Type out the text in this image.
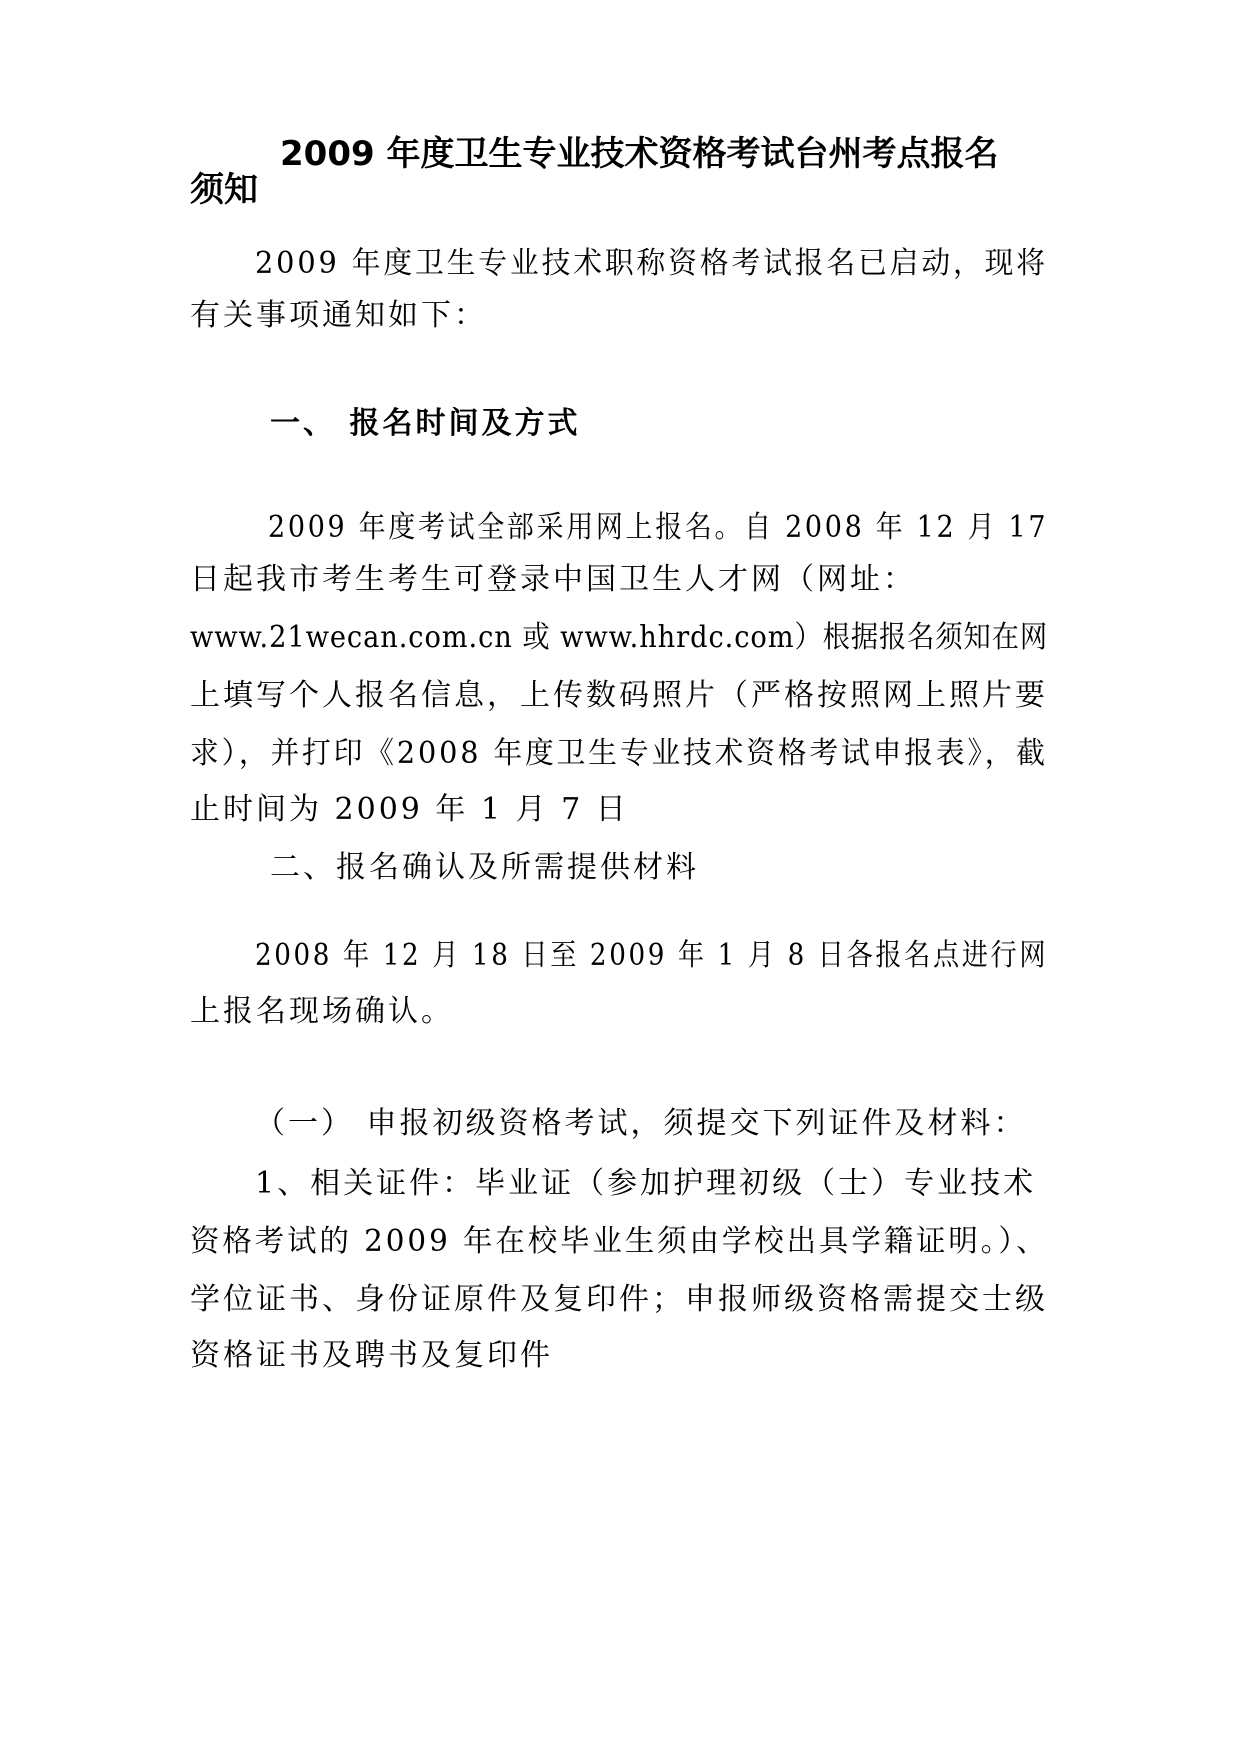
2009 年度卫生专业技术资格考试台州考点报名
须知
2009 年度卫生专业技术职称资格考试报名已启动，现将
有关事项通知如下：
一、 报名时间及方式
2009 年度考试全部采用网上报名。自 2008 年 12 月 17
日起我市考生考生可登录中国卫生人才网（网址：
www.21wecan.com.cn 或 www.hhrdc.com）根据报名须知在网
上填写个人报名信息，上传数码照片（严格按照网上照片要
求），并打印《2008 年度卫生专业技术资格考试申报表》，截
止时间为 2009 年 1 月 7 日
二、报名确认及所需提供材料
2008 年 12 月 18 日至 2009 年 1 月 8 日各报名点进行网
上报名现场确认。
（一） 申报初级资格考试，须提交下列证件及材料：
1、相关证件：毕业证（参加护理初级（士）专业技术
资格考试的 2009 年在校毕业生须由学校出具学籍证明。）、
学位证书、身份证原件及复印件；申报师级资格需提交士级
资格证书及聘书及复印件
